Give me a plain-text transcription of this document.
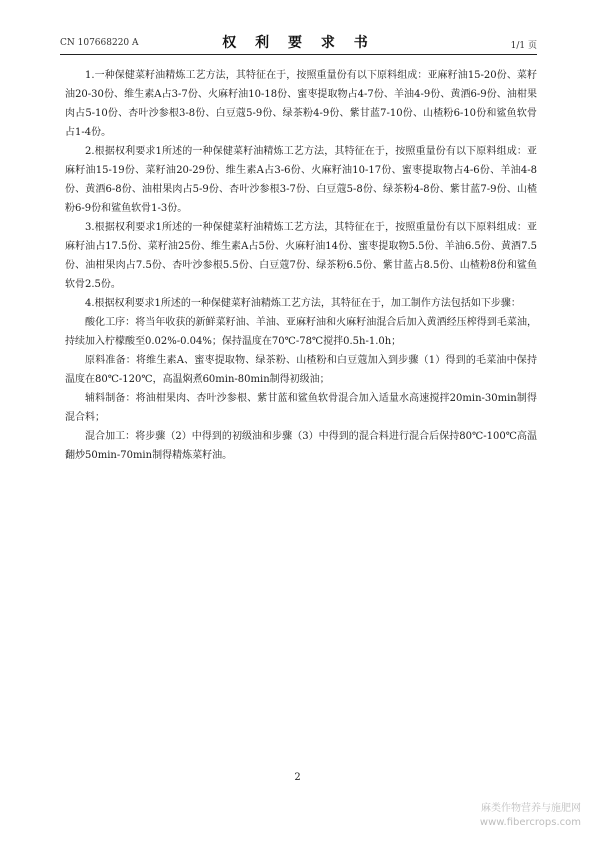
CN 107668220 A	权 利 要 求 书	1/1 页

1.一种保健菜籽油精炼工艺方法，其特征在于，按照重量份有以下原料组成：亚麻籽油15-20份、菜籽油20-30份、维生素A占3-7份、火麻籽油10-18份、蜜枣提取物占4-7份、羊油4-9份、黄酒6-9份、油柑果肉占5-10份、杏叶沙参根3-8份、白豆蔻5-9份、绿茶粉4-9份、紫甘蓝7-10份、山楂粉6-10份和鲨鱼软骨占1-4份。

2.根据权利要求1所述的一种保健菜籽油精炼工艺方法，其特征在于，按照重量份有以下原料组成：亚麻籽油15-19份、菜籽油20-29份、维生素A占3-6份、火麻籽油10-17份、蜜枣提取物占4-6份、羊油4-8份、黄酒6-8份、油柑果肉占5-9份、杏叶沙参根3-7份、白豆蔻5-8份、绿茶粉4-8份、紫甘蓝7-9份、山楂粉6-9份和鲨鱼软骨1-3份。

3.根据权利要求1所述的一种保健菜籽油精炼工艺方法，其特征在于，按照重量份有以下原料组成：亚麻籽油占17.5份、菜籽油25份、维生素A占5份、火麻籽油14份、蜜枣提取物5.5份、羊油6.5份、黄酒7.5份、油柑果肉占7.5份、杏叶沙参根5.5份、白豆蔻7份、绿茶粉6.5份、紫甘蓝占8.5份、山楂粉8份和鲨鱼软骨2.5份。

4.根据权利要求1所述的一种保健菜籽油精炼工艺方法，其特征在于，加工制作方法包括如下步骤：

酸化工序：将当年收获的新鲜菜籽油、羊油、亚麻籽油和火麻籽油混合后加入黄酒经压榨得到毛菜油，持续加入柠檬酸至0.02%-0.04%；保持温度在70℃-78℃搅拌0.5h-1.0h；

原料准备：将维生素A、蜜枣提取物、绿茶粉、山楂粉和白豆蔻加入到步骤（1）得到的毛菜油中保持温度在80℃-120℃，高温焖煮60min-80min制得初级油；

辅料制备：将油柑果肉、杏叶沙参根、紫甘蓝和鲨鱼软骨混合加入适量水高速搅拌20min-30min制得混合料；

混合加工：将步骤（2）中得到的初级油和步骤（3）中得到的混合料进行混合后保持80℃-100℃高温翻炒50min-70min制得精炼菜籽油。

2
麻类作物营养与施肥网
www.fibercrops.com
